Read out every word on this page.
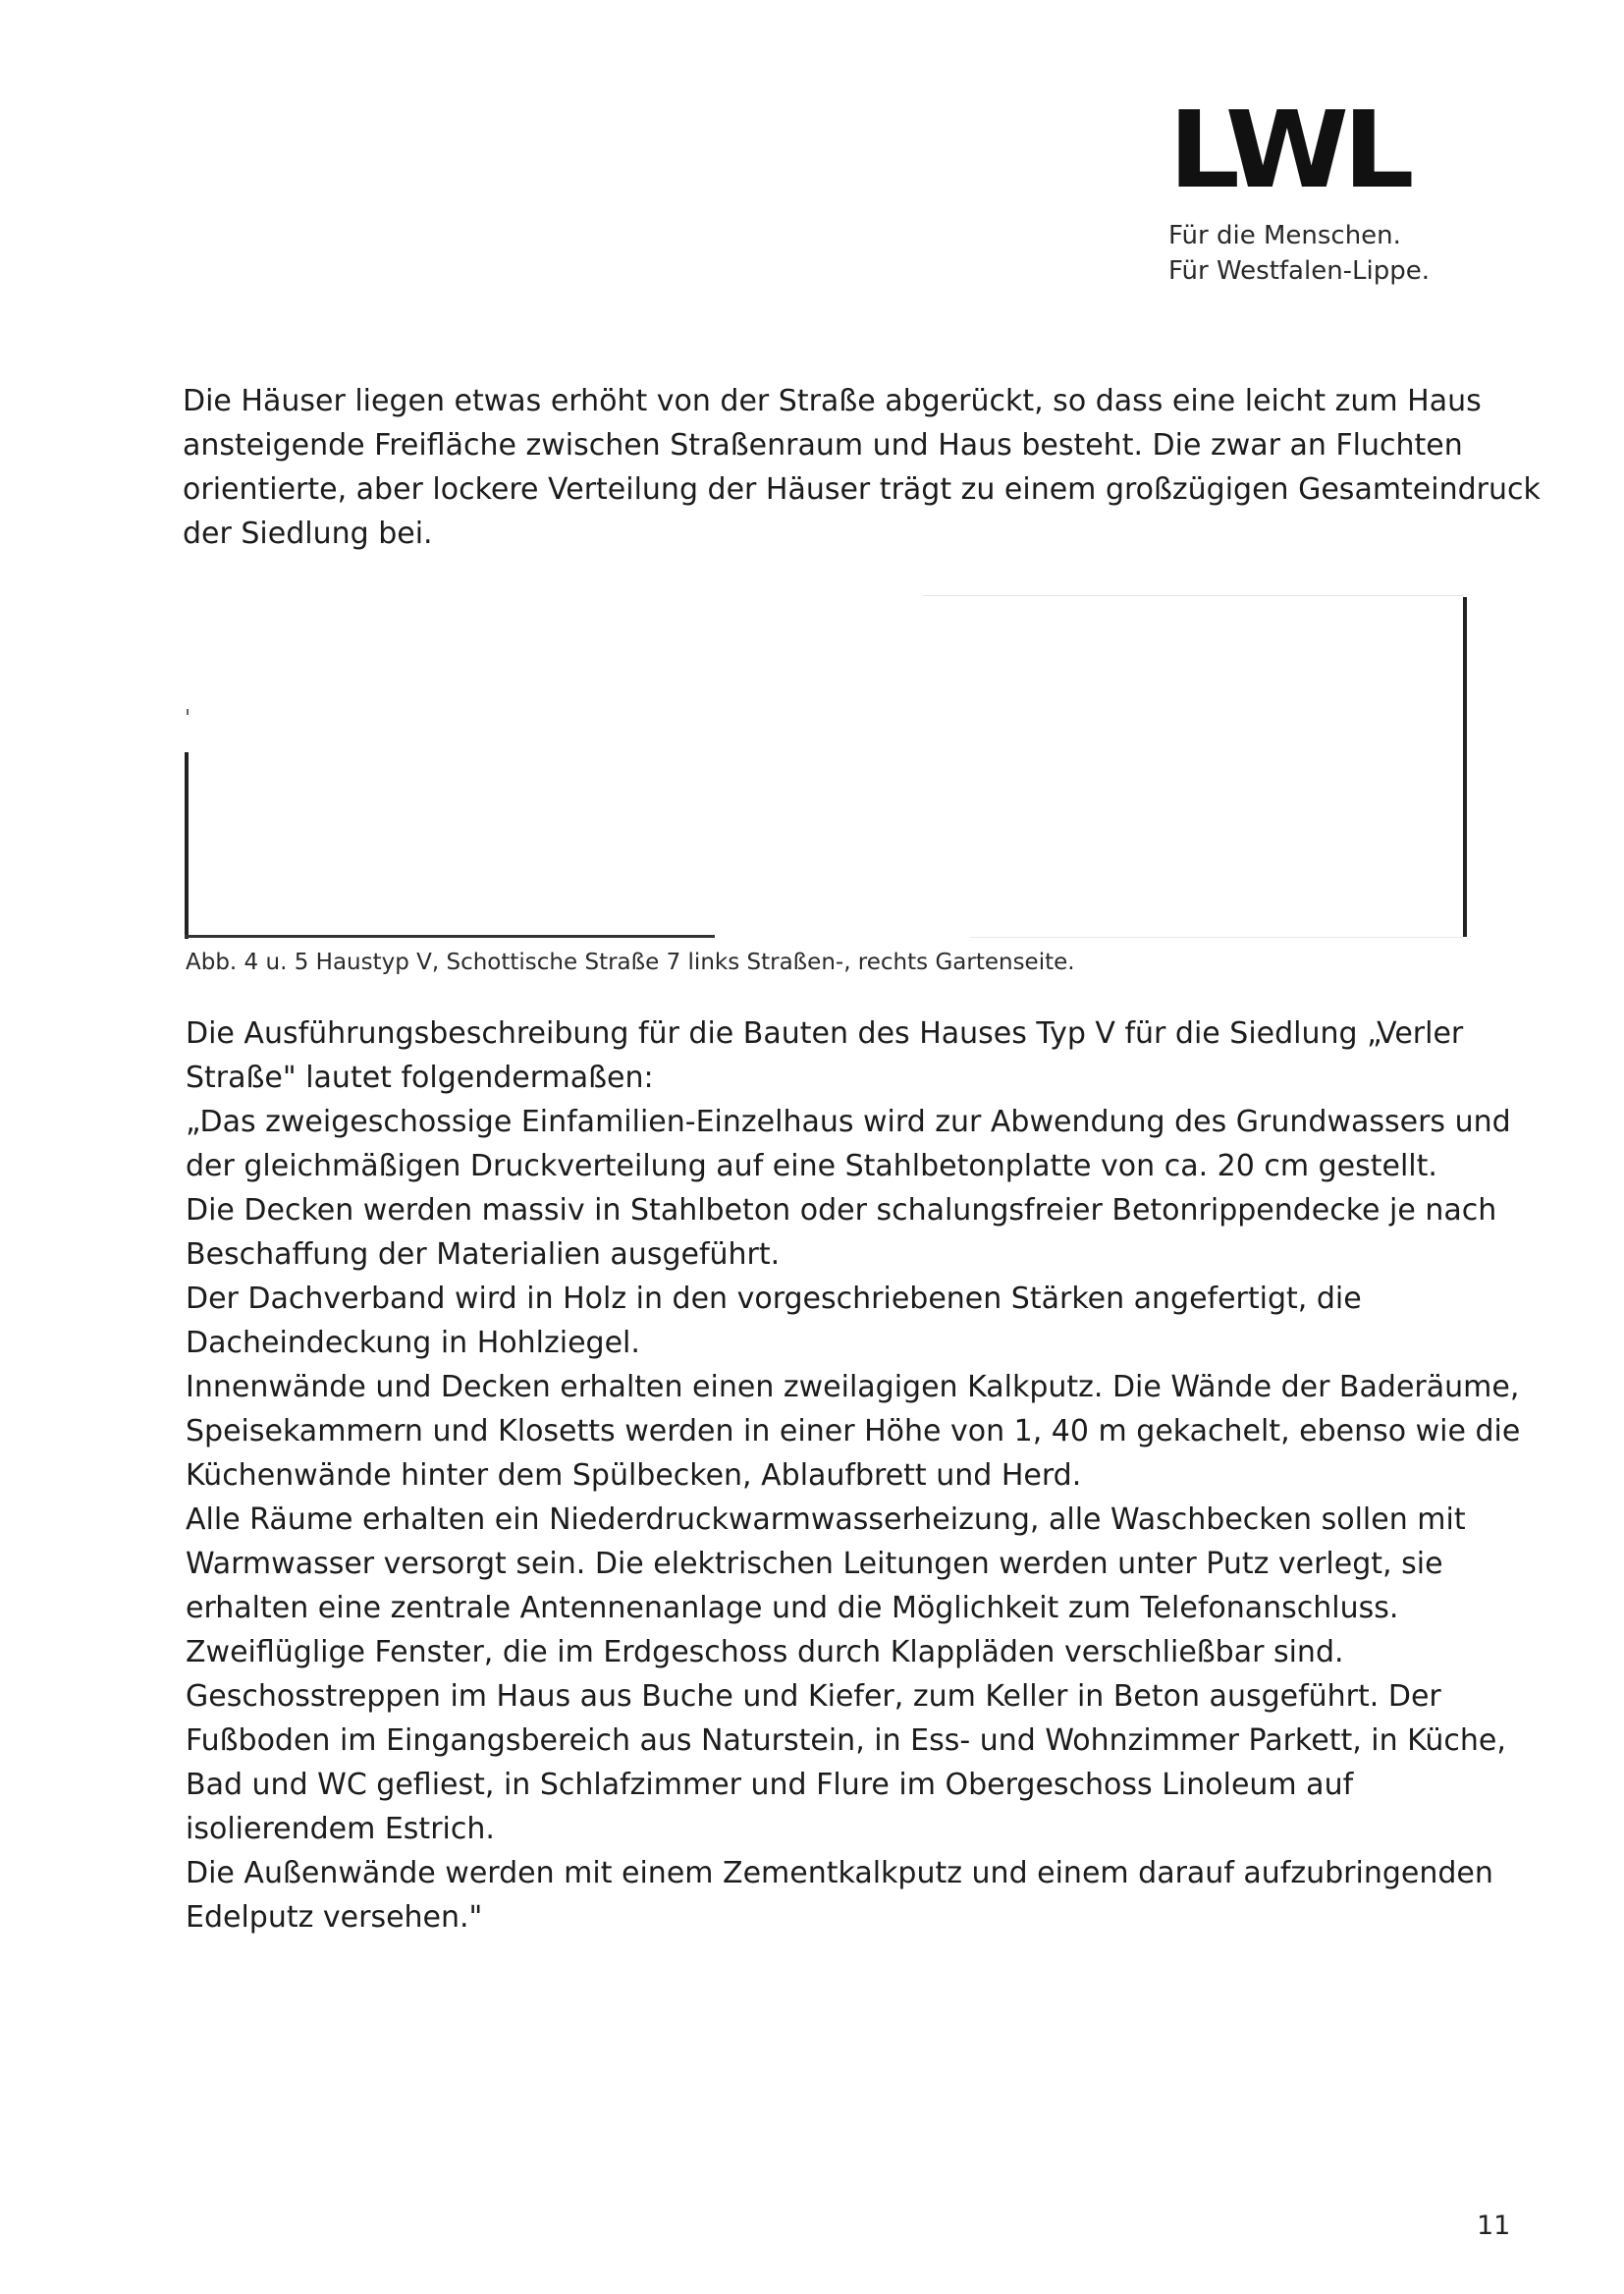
LWL
Für die Menschen.
Für Westfalen-Lippe.
Die Häuser liegen etwas erhöht von der Straße abgerückt, so dass eine leicht zum Haus
ansteigende Freifläche zwischen Straßenraum und Haus besteht. Die zwar an Fluchten
orientierte, aber lockere Verteilung der Häuser trägt zu einem großzügigen Gesamteindruck
der Siedlung bei.
Abb. 4 u. 5 Haustyp V, Schottische Straße 7 links Straßen-, rechts Gartenseite.
Die Ausführungsbeschreibung für die Bauten des Hauses Typ V für die Siedlung „Verler
Straße" lautet folgendermaßen:
„Das zweigeschossige Einfamilien-Einzelhaus wird zur Abwendung des Grundwassers und
der gleichmäßigen Druckverteilung auf eine Stahlbetonplatte von ca. 20 cm gestellt.
Die Decken werden massiv in Stahlbeton oder schalungsfreier Betonrippendecke je nach
Beschaffung der Materialien ausgeführt.
Der Dachverband wird in Holz in den vorgeschriebenen Stärken angefertigt, die
Dacheindeckung in Hohlziegel.
Innenwände und Decken erhalten einen zweilagigen Kalkputz. Die Wände der Baderäume,
Speisekammern und Klosetts werden in einer Höhe von 1, 40 m gekachelt, ebenso wie die
Küchenwände hinter dem Spülbecken, Ablaufbrett und Herd.
Alle Räume erhalten ein Niederdruckwarmwasserheizung, alle Waschbecken sollen mit
Warmwasser versorgt sein. Die elektrischen Leitungen werden unter Putz verlegt, sie
erhalten eine zentrale Antennenanlage und die Möglichkeit zum Telefonanschluss.
Zweiflüglige Fenster, die im Erdgeschoss durch Klappläden verschließbar sind.
Geschosstreppen im Haus aus Buche und Kiefer, zum Keller in Beton ausgeführt. Der
Fußboden im Eingangsbereich aus Naturstein, in Ess- und Wohnzimmer Parkett, in Küche,
Bad und WC gefliest, in Schlafzimmer und Flure im Obergeschoss Linoleum auf
isolierendem Estrich.
Die Außenwände werden mit einem Zementkalkputz und einem darauf aufzubringenden
Edelputz versehen."
11
